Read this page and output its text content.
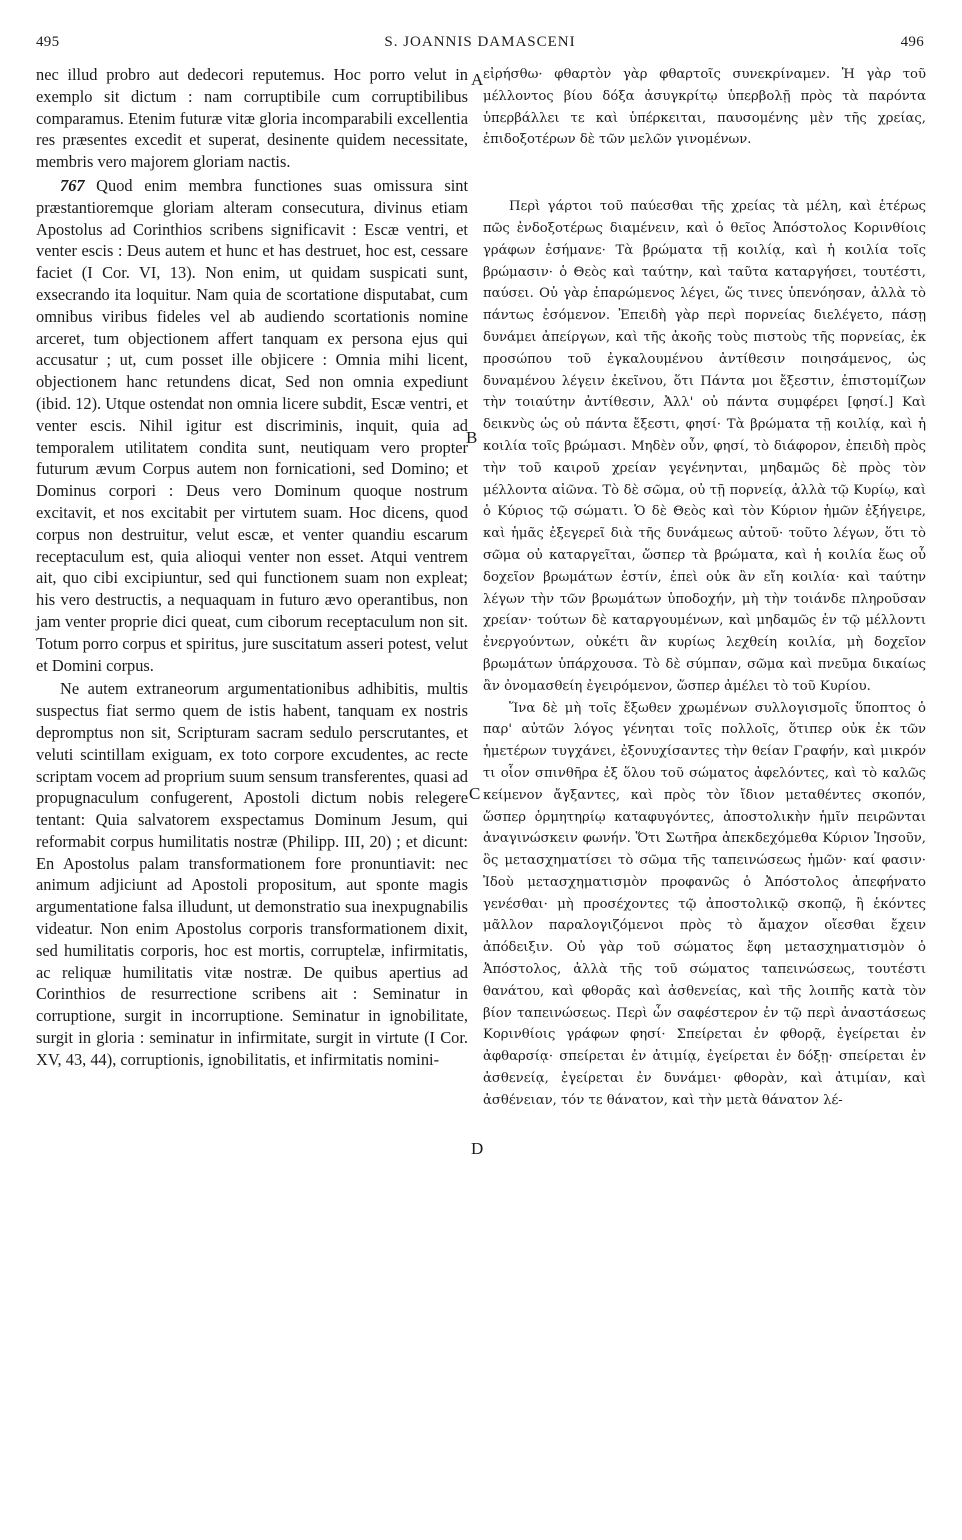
495	S. JOANNIS DAMASCENI	496

nec illud probro aut dedecori reputemus. Hoc porro velut in exemplo sit dictum : nam corruptibile cum corruptibilibus comparamus. Etenim futuræ vitæ gloria incomparabili excellentia res præsentes excedit et superat, desinente quidem necessitate, membris vero majorem gloriam nactis.

767 Quod enim membra functiones suas omissura sint præstantioremque gloriam alteram consecutura, divinus etiam Apostolus ad Corinthios scribens significavit : Escæ ventri, et venter escis : Deus autem et hunc et has destruet, hoc est, cessare faciet (I Cor. VI, 13). Non enim, ut quidam suspicati sunt, exsecrando ita loquitur. Nam quia de scortatione disputabat, cum omnibus viribus fideles vel ab audiendo scortationis nomine arceret, tum objectionem affert tanquam ex persona ejus qui accusatur ; ut, cum posset ille objicere : Omnia mihi licent, objectionem hanc retundens dicat, Sed non omnia expediunt (ibid. 12). Utque ostendat non omnia licere subdit, Escæ ventri, et venter escis. Nihil igitur est discriminis, inquit, quia ad temporalem utilitatem condita sunt, neutiquam vero propter futurum ævum Corpus autem non fornicationi, sed Domino; et Dominus corpori : Deus vero Dominum quoque nostrum excitavit, et nos excitabit per virtutem suam. Hoc dicens, quod corpus non destruitur, velut escæ, et venter quandiu escarum receptaculum est, quia alioqui venter non esset. Atqui ventrem ait, quo cibi excipiuntur, sed qui functionem suam non expleat; his vero destructis, a nequaquam in futuro ævo operantibus, non jam venter proprie dici queat, cum ciborum receptaculum non sit. Totum porro corpus et spiritus, jure suscitatum asseri potest, velut et Domini corpus.

Ne autem extraneorum argumentationibus adhibitis, multis suspectus fiat sermo quem de istis habent, tanquam ex nostris depromptus non sit, Scripturam sacram sedulo perscrutantes, et veluti scintillam exiguam, ex toto corpore excudentes, ac recte scriptam vocem ad proprium suum sensum transferentes, quasi ad propugnaculum confugerent, Apostoli dictum nobis relegere tentant: Quia salvatorem exspectamus Dominum Jesum, qui reformabit corpus humilitatis nostræ (Philipp. III, 20) ; et dicunt: En Apostolus palam transformationem fore pronuntiavit: nec animum adjiciunt ad Apostoli propositum, aut sponte magis argumentatione falsa illudunt, ut demonstratio sua inexpugnabilis videatur. Non enim Apostolus corporis transformationem dixit, sed humilitatis corporis, hoc est mortis, corruptelæ, infirmitatis, ac reliquæ humilitatis vitæ nostræ. De quibus apertius ad Corinthios de resurrectione scribens ait : Seminatur in corruptione, surgit in incorruptione. Seminatur in ignobilitate, surgit in gloria : seminatur in infirmitate, surgit in virtute (I Cor. XV, 43, 44), corruptionis, ignobilitatis, et infirmitatis nomini-

A
B
C
D

εἰρήσθω· φθαρτὸν γὰρ φθαρτοῖς συνεκρίναμεν. Ἡ γὰρ τοῦ μέλλοντος βίου δόξα ἀσυγκρίτῳ ὑπερβολῇ πρὸς τὰ παρόντα ὑπερβάλλει τε καὶ ὑπέρκειται, παυσομένης μὲν τῆς χρείας, ἐπιδοξοτέρων δὲ τῶν μελῶν γινομένων.

Περὶ γάρτοι τοῦ παύεσθαι τῆς χρείας τὰ μέλη, καὶ ἑτέρως πῶς ἐνδοξοτέρως διαμένειν, καὶ ὁ θεῖος Ἀπόστολος Κορινθίοις γράφων ἐσήμανε· Τὰ βρώματα τῇ κοιλίᾳ, καὶ ἡ κοιλία τοῖς βρώμασιν· ὁ Θεὸς καὶ ταύτην, καὶ ταῦτα καταργήσει, τουτέστι, παύσει. Οὐ γὰρ ἐπαρώμενος λέγει, ὥς τινες ὑπενόησαν, ἀλλὰ τὸ πάντως ἐσόμενον. Ἐπειδὴ γὰρ περὶ πορνείας διελέγετο, πάσῃ δυνάμει ἀπείργων, καὶ τῆς ἀκοῆς τοὺς πιστοὺς τῆς πορνείας, ἐκ προσώπου τοῦ ἐγκαλουμένου ἀντίθεσιν ποιησάμενος, ὡς δυναμένου λέγειν ἐκεῖνου, ὅτι Πάντα μοι ἔξεστιν, ἐπιστομίζων τὴν τοιαύτην ἀντίθεσιν, Ἀλλ' οὐ πάντα συμφέρει [φησί.] Καὶ δεικνὺς ὡς οὐ πάντα ἔξεστι, φησί· Τὰ βρώματα τῇ κοιλίᾳ, καὶ ἡ κοιλία τοῖς βρώμασι. Μηδὲν οὖν, φησί, τὸ διάφορον, ἐπειδὴ πρὸς τὴν τοῦ καιροῦ χρείαν γεγένηνται, μηδαμῶς δὲ πρὸς τὸν μέλλοντα αἰῶνα. Τὸ δὲ σῶμα, οὐ τῇ πορνείᾳ, ἀλλὰ τῷ Κυρίῳ, καὶ ὁ Κύριος τῷ σώματι. Ὁ δὲ Θεὸς καὶ τὸν Κύριον ἡμῶν ἐξήγειρε, καὶ ἡμᾶς ἐξεγερεῖ διὰ τῆς δυνάμεως αὐτοῦ· τοῦτο λέγων, ὅτι τὸ σῶμα οὐ καταργεῖται, ὥσπερ τὰ βρώματα, καὶ ἡ κοιλία ἕως οὗ δοχεῖον βρωμάτων ἐστίν, ἐπεὶ οὐκ ἂν εἴη κοιλία· καὶ ταύτην λέγων τὴν τῶν βρωμάτων ὑποδοχήν, μὴ τὴν τοιάνδε πληροῦσαν χρείαν· τούτων δὲ καταργουμένων, καὶ μηδαμῶς ἐν τῷ μέλλοντι ἐνεργούντων, οὐκέτι ἂν κυρίως λεχθείη κοιλία, μὴ δοχεῖον βρωμάτων ὑπάρχουσα. Τὸ δὲ σύμπαν, σῶμα καὶ πνεῦμα δικαίως ἂν ὀνομασθείη ἐγειρόμενον, ὥσπερ ἀμέλει τὸ τοῦ Κυρίου.

Ἵνα δὲ μὴ τοῖς ἔξωθεν χρωμένων συλλογισμοῖς ὕποπτος ὁ παρ' αὐτῶν λόγος γένηται τοῖς πολλοῖς, ὅτιπερ οὐκ ἐκ τῶν ἡμετέρων τυγχάνει, ἐξονυχίσαντες τὴν θείαν Γραφήν, καὶ μικρόν τι οἷον σπινθῆρα ἐξ ὅλου τοῦ σώματος ἀφελόντες, καὶ τὸ καλῶς κείμενον ἄγξαντες, καὶ πρὸς τὸν ἴδιον μεταθέντες σκοπόν, ὥσπερ ὁρμητηρίῳ καταφυγόντες, ἀποστολικὴν ἡμῖν πειρῶνται ἀναγινώσκειν φωνήν. Ὅτι Σωτῆρα ἀπεκδεχόμεθα Κύριον Ἰησοῦν, ὃς μετασχηματίσει τὸ σῶμα τῆς ταπεινώσεως ἡμῶν· καί φασιν· Ἰδοὺ μετασχηματισμὸν προφανῶς ὁ Ἀπόστολος ἀπεφήνατο γενέσθαι· μὴ προσέχοντες τῷ ἀποστολικῷ σκοπῷ, ἢ ἑκόντες μᾶλλον παραλογιζόμενοι πρὸς τὸ ἄμαχον οἴεσθαι ἔχειν ἀπόδειξιν. Οὐ γὰρ τοῦ σώματος ἔφη μετασχηματισμὸν ὁ Ἀπόστολος, ἀλλὰ τῆς τοῦ σώματος ταπεινώσεως, τουτέστι θανάτου, καὶ φθορᾶς καὶ ἀσθενείας, καὶ τῆς λοιπῆς κατὰ τὸν βίον ταπεινώσεως. Περὶ ὧν σαφέστερον ἐν τῷ περὶ ἀναστάσεως Κορινθίοις γράφων φησί· Σπείρεται ἐν φθορᾷ, ἐγείρεται ἐν ἀφθαρσίᾳ· σπείρεται ἐν ἀτιμίᾳ, ἐγείρεται ἐν δόξῃ· σπείρεται ἐν ἀσθενείᾳ, ἐγείρεται ἐν δυνάμει· φθορὰν, καὶ ἀτιμίαν, καὶ ἀσθένειαν, τόν τε θάνατον, καὶ τὴν μετὰ θάνατον λέ-
